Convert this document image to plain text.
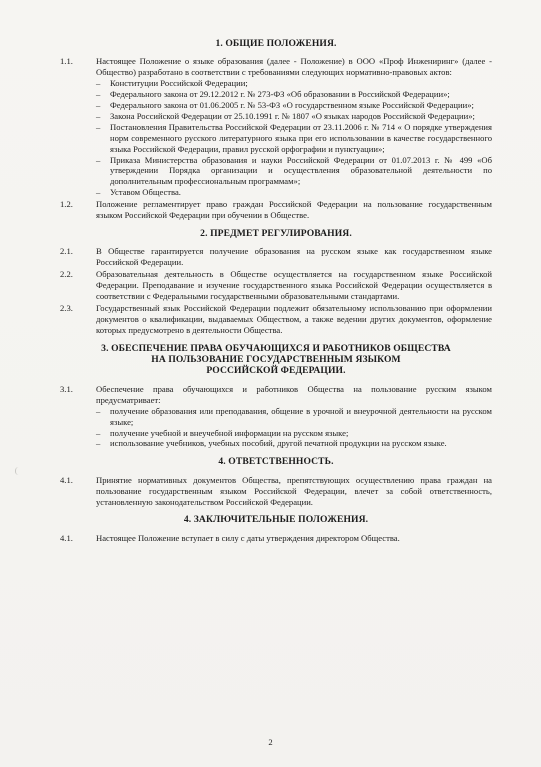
1. ОБЩИЕ ПОЛОЖЕНИЯ.
1.1.	Настоящее Положение о языке образования (далее - Положение) в ООО «Проф Инжениринг» (далее - Общество) разработано в соответствии с требованиями следующих нормативно-правовых актов:
–	Конституции Российской Федерации;
–	Федерального закона от 29.12.2012 г. № 273-ФЗ «Об образовании в Российской Федерации»;
–	Федерального закона от 01.06.2005 г. № 53-ФЗ «О государственном языке Российской Федерации»;
–	Закона Российской Федерации от 25.10.1991 г. № 1807 «О языках народов Российской Федерации»;
–	Постановления Правительства Российской Федерации от 23.11.2006 г. № 714 « О порядке утверждения норм современного русского литературного языка при его использовании в качестве государственного языка Российской Федерации, правил русской орфографии и пунктуации»;
–	Приказа Министерства образования и науки Российской Федерации от 01.07.2013 г. № 499 «Об утверждении Порядка организации и осуществления образовательной деятельности по дополнительным профессиональным программам»;
–	Уставом Общества.
1.2.	Положение регламентирует право граждан Российской Федерации на пользование государственным языком Российской Федерации при обучении в Обществе.
2. ПРЕДМЕТ РЕГУЛИРОВАНИЯ.
2.1.	В Обществе гарантируется получение образования на русском языке как государственном языке Российской Федерации.
2.2.	Образовательная деятельность в Обществе осуществляется на государственном языке Российской Федерации. Преподавание и изучение государственного языка Российской Федерации осуществляется в соответствии с Федеральными государственными образовательными стандартами.
2.3.	Государственный язык Российской Федерации подлежит обязательному использованию при оформлении документов о квалификации, выдаваемых Обществом, а также ведении других документов, оформление которых предусмотрено в деятельности Общества.
3. ОБЕСПЕЧЕНИЕ ПРАВА ОБУЧАЮЩИХСЯ И РАБОТНИКОВ ОБЩЕСТВА
НА ПОЛЬЗОВАНИЕ ГОСУДАРСТВЕННЫМ ЯЗЫКОМ
РОССИЙСКОЙ ФЕДЕРАЦИИ.
3.1.	Обеспечение права обучающихся и работников Общества на пользование русским языком предусматривает:
–	получение образования или преподавания, общение в урочной и внеурочной деятельности на русском языке;
–	получение учебной и внеучебной информации на русском языке;
–	использование учебников, учебных пособий, другой печатной продукции на русском языке.
4. ОТВЕТСТВЕННОСТЬ.
4.1.	Принятие нормативных документов Общества, препятствующих осуществлению права граждан на пользование государственным языком Российской Федерации, влечет за собой ответственность, установленную законодательством Российской Федерации.
4. ЗАКЛЮЧИТЕЛЬНЫЕ ПОЛОЖЕНИЯ.
4.1.	Настоящее Положение вступает в силу с даты утверждения директором Общества.
2
